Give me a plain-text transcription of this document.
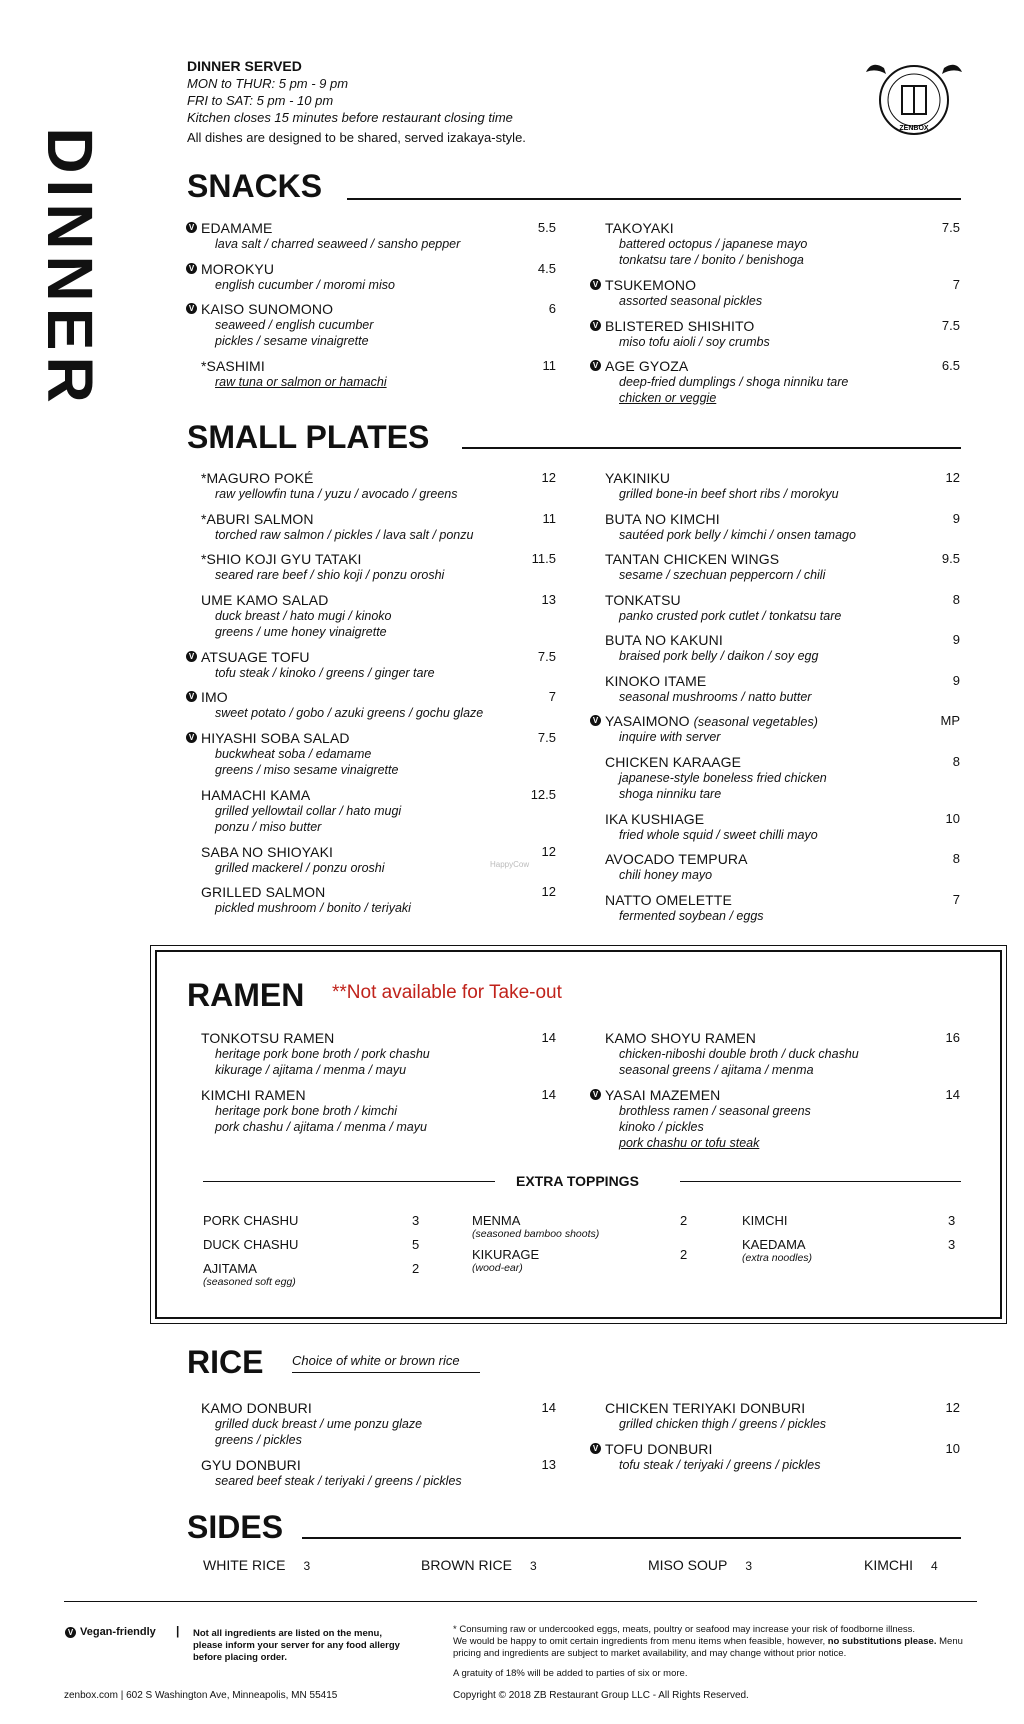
DINNER
DINNER SERVED
MON to THUR: 5 pm - 9 pm
FRI to SAT: 5 pm - 10 pm
Kitchen closes 15 minutes before restaurant closing time
All dishes are designed to be shared, served izakaya-style.
ZENBOX
SNACKS
SMALL PLATES
V EDAMAME	5.5
lava salt / charred seaweed / sansho pepper
V MOROKYU	4.5
english cucumber / moromi miso
V KAISO SUNOMONO	6
seaweed / english cucumber
pickles / sesame vinaigrette
*SASHIMI	11
raw tuna or salmon or hamachi
TAKOYAKI	7.5
battered octopus / japanese mayo
tonkatsu tare / bonito / benishoga
V TSUKEMONO	7
assorted seasonal pickles
V BLISTERED SHISHITO	7.5
miso tofu aioli / soy crumbs
V AGE GYOZA	6.5
deep-fried dumplings / shoga ninniku tare
chicken or veggie
*MAGURO POKÉ	12
raw yellowfin tuna / yuzu / avocado / greens
*ABURI SALMON	11
torched raw salmon / pickles / lava salt / ponzu
*SHIO KOJI GYU TATAKI	11.5
seared rare beef / shio koji / ponzu oroshi
UME KAMO SALAD	13
duck breast / hato mugi / kinoko
greens / ume honey vinaigrette
V ATSUAGE TOFU	7.5
tofu steak / kinoko / greens / ginger tare
V IMO	7
sweet potato / gobo / azuki greens / gochu glaze
V HIYASHI SOBA SALAD	7.5
buckwheat soba / edamame
greens / miso sesame vinaigrette
HAMACHI KAMA	12.5
grilled yellowtail collar / hato mugi
ponzu / miso butter
SABA NO SHIOYAKI	12
grilled mackerel / ponzu oroshi
GRILLED SALMON	12
pickled mushroom / bonito / teriyaki
YAKINIKU	12
grilled bone-in beef short ribs / morokyu
BUTA NO KIMCHI	9
sautéed pork belly / kimchi / onsen tamago
TANTAN CHICKEN WINGS	9.5
sesame / szechuan peppercorn / chili
TONKATSU	8
panko crusted pork cutlet / tonkatsu tare
BUTA NO KAKUNI	9
braised pork belly / daikon / soy egg
KINOKO ITAME	9
seasonal mushrooms / natto butter
V YASAIMONO (seasonal vegetables)	MP
inquire with server
CHICKEN KARAAGE	8
japanese-style boneless fried chicken
shoga ninniku tare
IKA KUSHIAGE	10
fried whole squid / sweet chilli mayo
AVOCADO TEMPURA	8
chili honey mayo
NATTO OMELETTE	7
fermented soybean / eggs
TONKOTSU RAMEN	14
heritage pork bone broth / pork chashu
kikurage / ajitama / menma / mayu
KIMCHI RAMEN	14
heritage pork bone broth / kimchi
pork chashu / ajitama / menma / mayu
KAMO SHOYU RAMEN	16
chicken-niboshi double broth / duck chashu
seasonal greens / ajitama / menma
V YASAI MAZEMEN	14
brothless ramen / seasonal greens
kinoko / pickles
pork chashu or tofu steak
KAMO DONBURI	14
grilled duck breast / ume ponzu glaze
greens / pickles
GYU DONBURI	13
seared beef steak / teriyaki / greens / pickles
CHICKEN TERIYAKI DONBURI	12
grilled chicken thigh / greens / pickles
V TOFU DONBURI	10
tofu steak / teriyaki / greens / pickles
RAMEN **Not available for Take-out
EXTRA TOPPINGS
PORK CHASHU	3
DUCK CHASHU	5
AJITAMA
(seasoned soft egg)
2
MENMA
(seasoned bamboo shoots)
2
KIKURAGE
(wood-ear)
2
KIMCHI	3
KAEDAMA
(extra noodles)
3
RICE Choice of white or brown rice
SIDES
WHITE RICE 3	BROWN RICE 3	MISO SOUP 3	KIMCHI 4
V Vegan-friendly | Not all ingredients are listed on the menu, please inform your server for any food allergy before placing order.
* Consuming raw or undercooked eggs, meats, poultry or seafood may increase your risk of foodborne illness.
We would be happy to omit certain ingredients from menu items when feasible, however, no substitutions please. Menu pricing and ingredients are subject to market availability, and may change without prior notice.
A gratuity of 18% will be added to parties of six or more.
zenbox.com | 602 S Washington Ave, Minneapolis, MN 55415	Copyright © 2018 ZB Restaurant Group LLC - All Rights Reserved.
HappyCow
